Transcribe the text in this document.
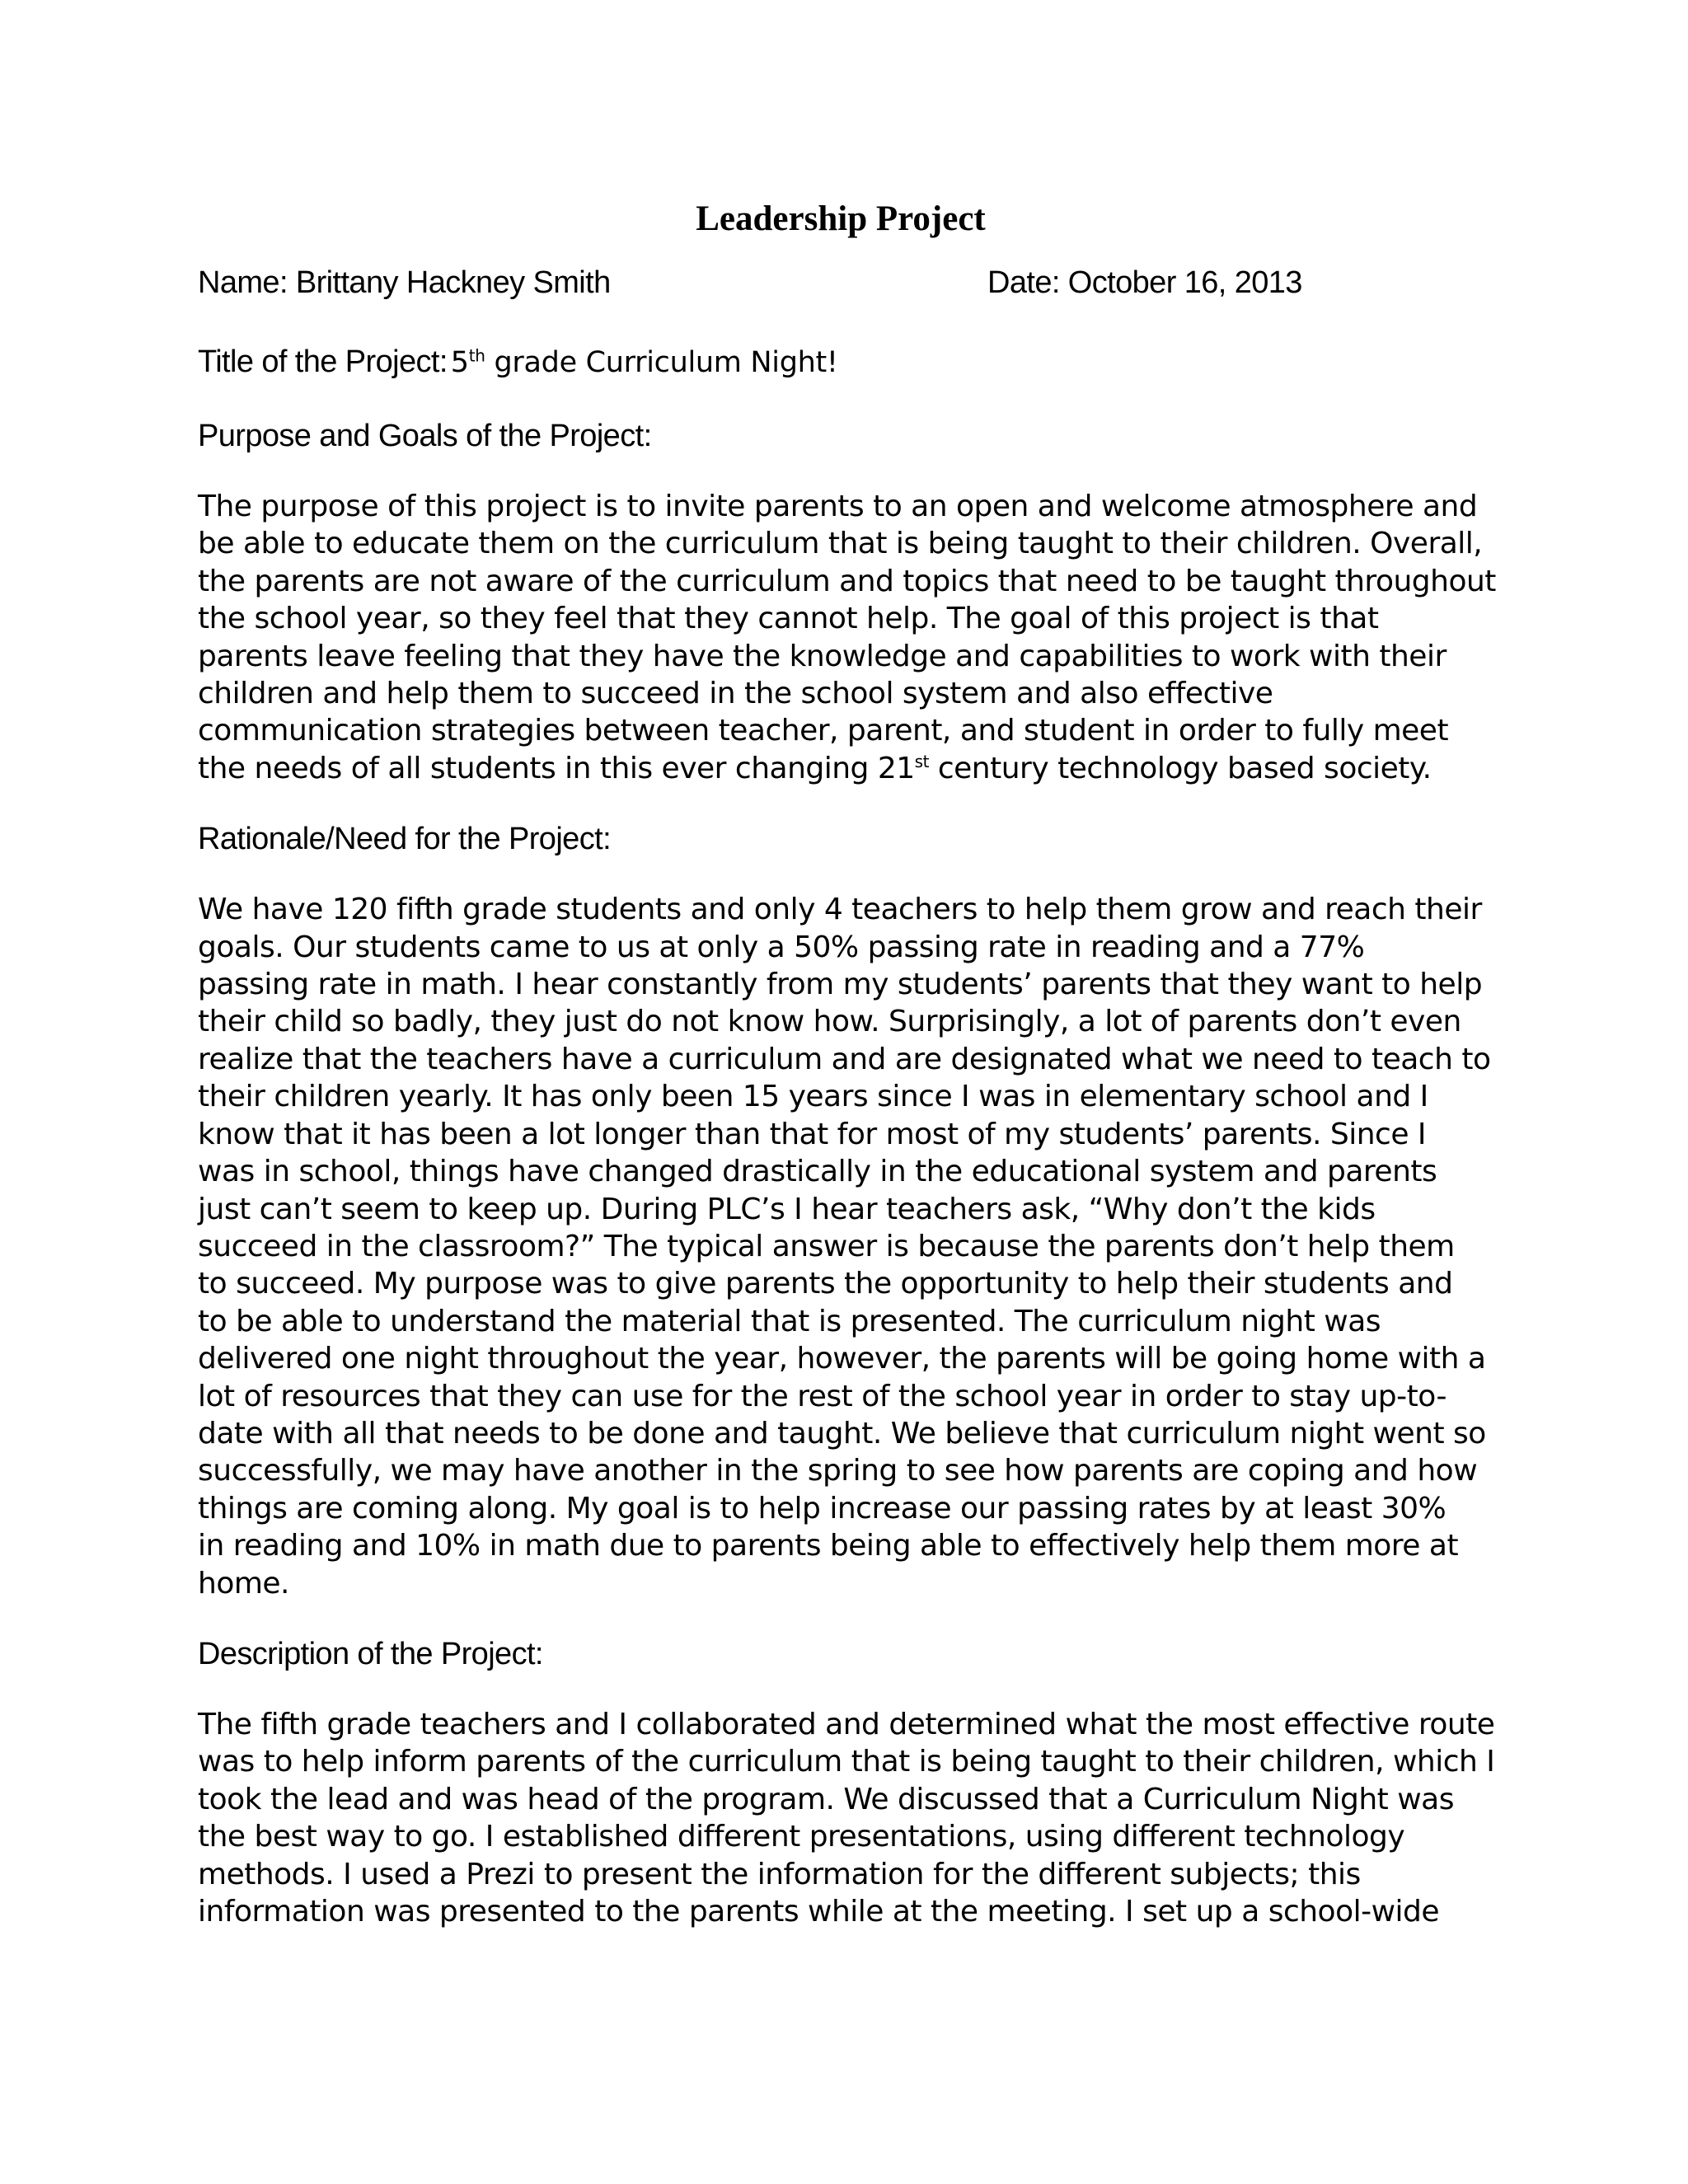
Leadership Project
Name: Brittany Hackney Smith	Date: October 16, 2013
Title of the Project: 5th grade Curriculum Night!
Purpose and Goals of the Project:
The purpose of this project is to invite parents to an open and welcome atmosphere and
be able to educate them on the curriculum that is being taught to their children. Overall,
the parents are not aware of the curriculum and topics that need to be taught throughout
the school year, so they feel that they cannot help. The goal of this project is that
parents leave feeling that they have the knowledge and capabilities to work with their
children and help them to succeed in the school system and also effective
communication strategies between teacher, parent, and student in order to fully meet
the needs of all students in this ever changing 21st century technology based society.
Rationale/Need for the Project:
We have 120 fifth grade students and only 4 teachers to help them grow and reach their
goals. Our students came to us at only a 50% passing rate in reading and a 77%
passing rate in math. I hear constantly from my students’ parents that they want to help
their child so badly, they just do not know how. Surprisingly, a lot of parents don’t even
realize that the teachers have a curriculum and are designated what we need to teach to
their children yearly. It has only been 15 years since I was in elementary school and I
know that it has been a lot longer than that for most of my students’ parents. Since I
was in school, things have changed drastically in the educational system and parents
just can’t seem to keep up. During PLC’s I hear teachers ask, “Why don’t the kids
succeed in the classroom?” The typical answer is because the parents don’t help them
to succeed. My purpose was to give parents the opportunity to help their students and
to be able to understand the material that is presented. The curriculum night was
delivered one night throughout the year, however, the parents will be going home with a
lot of resources that they can use for the rest of the school year in order to stay up-to-
date with all that needs to be done and taught. We believe that curriculum night went so
successfully, we may have another in the spring to see how parents are coping and how
things are coming along. My goal is to help increase our passing rates by at least 30%
in reading and 10% in math due to parents being able to effectively help them more at
home.
Description of the Project:
The fifth grade teachers and I collaborated and determined what the most effective route
was to help inform parents of the curriculum that is being taught to their children, which I
took the lead and was head of the program. We discussed that a Curriculum Night was
the best way to go. I established different presentations, using different technology
methods. I used a Prezi to present the information for the different subjects; this
information was presented to the parents while at the meeting. I set up a school-wide
